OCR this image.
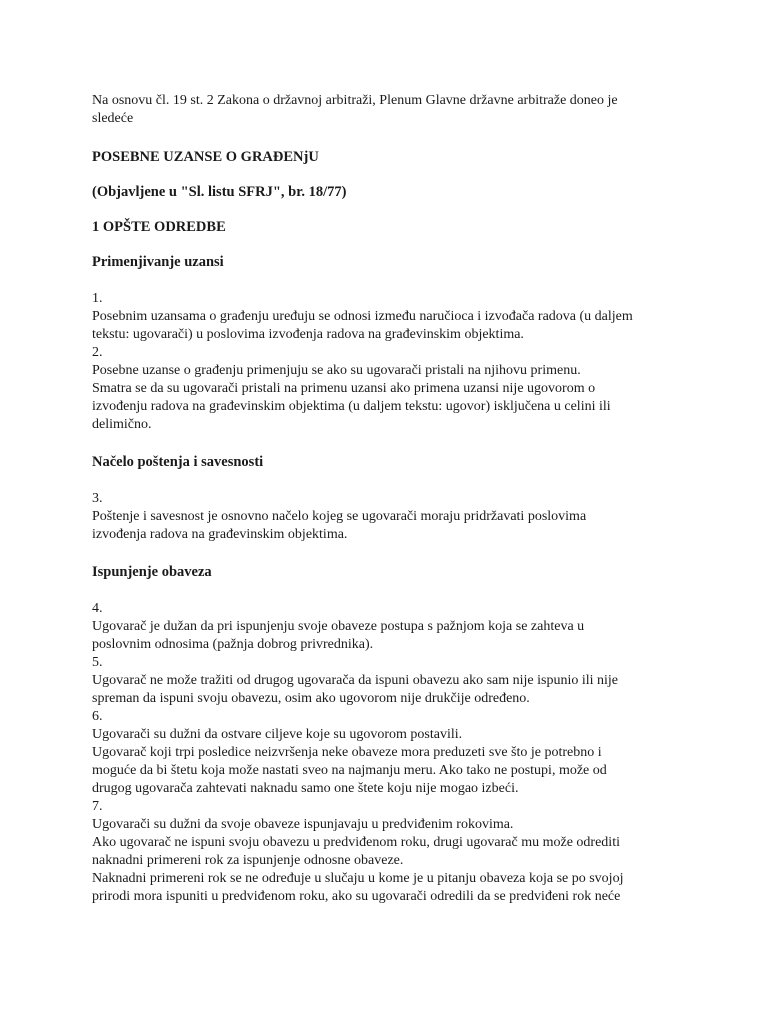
Na osnovu čl. 19 st. 2 Zakona o državnoj arbitraži, Plenum Glavne državne arbitraže doneo je
sledeće

POSEBNE UZANSE O GRAĐENjU

(Objavljene u "Sl. listu SFRJ", br. 18/77)

1 OPŠTE ODREDBE

Primenjivanje uzansi

1.
Posebnim uzansama o građenju uređuju se odnosi između naručioca i izvođača radova (u daljem
tekstu: ugovarači) u poslovima izvođenja radova na građevinskim objektima.
2.
Posebne uzanse o građenju primenjuju se ako su ugovarači pristali na njihovu primenu.
Smatra se da su ugovarači pristali na primenu uzansi ako primena uzansi nije ugovorom o
izvođenju radova na građevinskim objektima (u daljem tekstu: ugovor) isključena u celini ili
delimično.

Načelo poštenja i savesnosti

3.
Poštenje i savesnost je osnovno načelo kojeg se ugovarači moraju pridržavati poslovima
izvođenja radova na građevinskim objektima.

Ispunjenje obaveza

4.
Ugovarač je dužan da pri ispunjenju svoje obaveze postupa s pažnjom koja se zahteva u
poslovnim odnosima (pažnja dobrog privrednika).
5.
Ugovarač ne može tražiti od drugog ugovarača da ispuni obavezu ako sam nije ispunio ili nije
spreman da ispuni svoju obavezu, osim ako ugovorom nije drukčije određeno.
6.
Ugovarači su dužni da ostvare ciljeve koje su ugovorom postavili.
Ugovarač koji trpi posledice neizvršenja neke obaveze mora preduzeti sve što je potrebno i
moguće da bi štetu koja može nastati sveo na najmanju meru. Ako tako ne postupi, može od
drugog ugovarača zahtevati naknadu samo one štete koju nije mogao izbeći.
7.
Ugovarači su dužni da svoje obaveze ispunjavaju u predviđenim rokovima.
Ako ugovarač ne ispuni svoju obavezu u predviđenom roku, drugi ugovarač mu može odrediti
naknadni primereni rok za ispunjenje odnosne obaveze.
Naknadni primereni rok se ne određuje u slučaju u kome je u pitanju obaveza koja se po svojoj
prirodi mora ispuniti u predviđenom roku, ako su ugovarači odredili da se predviđeni rok neće
